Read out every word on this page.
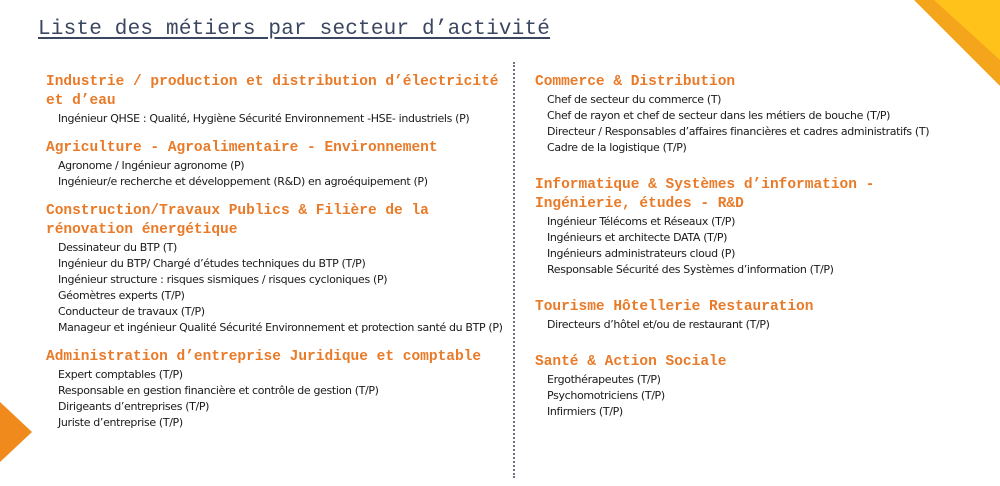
Liste des métiers par secteur d’activité
Industrie / production et distribution d’électricité et d’eau
Ingénieur QHSE : Qualité, Hygiène Sécurité Environnement -HSE- industriels (P)
Agriculture - Agroalimentaire - Environnement
Agronome / Ingénieur agronome (P)
Ingénieur/e recherche et développement (R&D) en agroéquipement (P)
Construction/Travaux Publics & Filière de la rénovation énergétique
Dessinateur du BTP (T)
Ingénieur du BTP/ Chargé d’études techniques du BTP (T/P)
Ingénieur structure : risques sismiques / risques cycloniques (P)
Géomètres experts (T/P)
Conducteur de travaux (T/P)
Manageur et ingénieur Qualité Sécurité Environnement et protection santé du BTP (P)
Administration d’entreprise Juridique et comptable
Expert comptables (T/P)
Responsable en gestion financière et contrôle de gestion (T/P)
Dirigeants d’entreprises (T/P)
Juriste d’entreprise (T/P)
Commerce & Distribution
Chef de secteur du commerce (T)
Chef de rayon et chef de secteur dans les métiers de bouche (T/P)
Directeur / Responsables d’affaires financières et cadres administratifs (T)
Cadre de la logistique (T/P)
Informatique & Systèmes d’information - Ingénierie, études - R&D
Ingénieur Télécoms et Réseaux (T/P)
Ingénieurs et architecte DATA (T/P)
Ingénieurs administrateurs cloud (P)
Responsable Sécurité des Systèmes d’information (T/P)
Tourisme Hôtellerie Restauration
Directeurs d’hôtel et/ou de restaurant (T/P)
Santé & Action Sociale
Ergothérapeutes (T/P)
Psychomotriciens (T/P)
Infirmiers (T/P)
